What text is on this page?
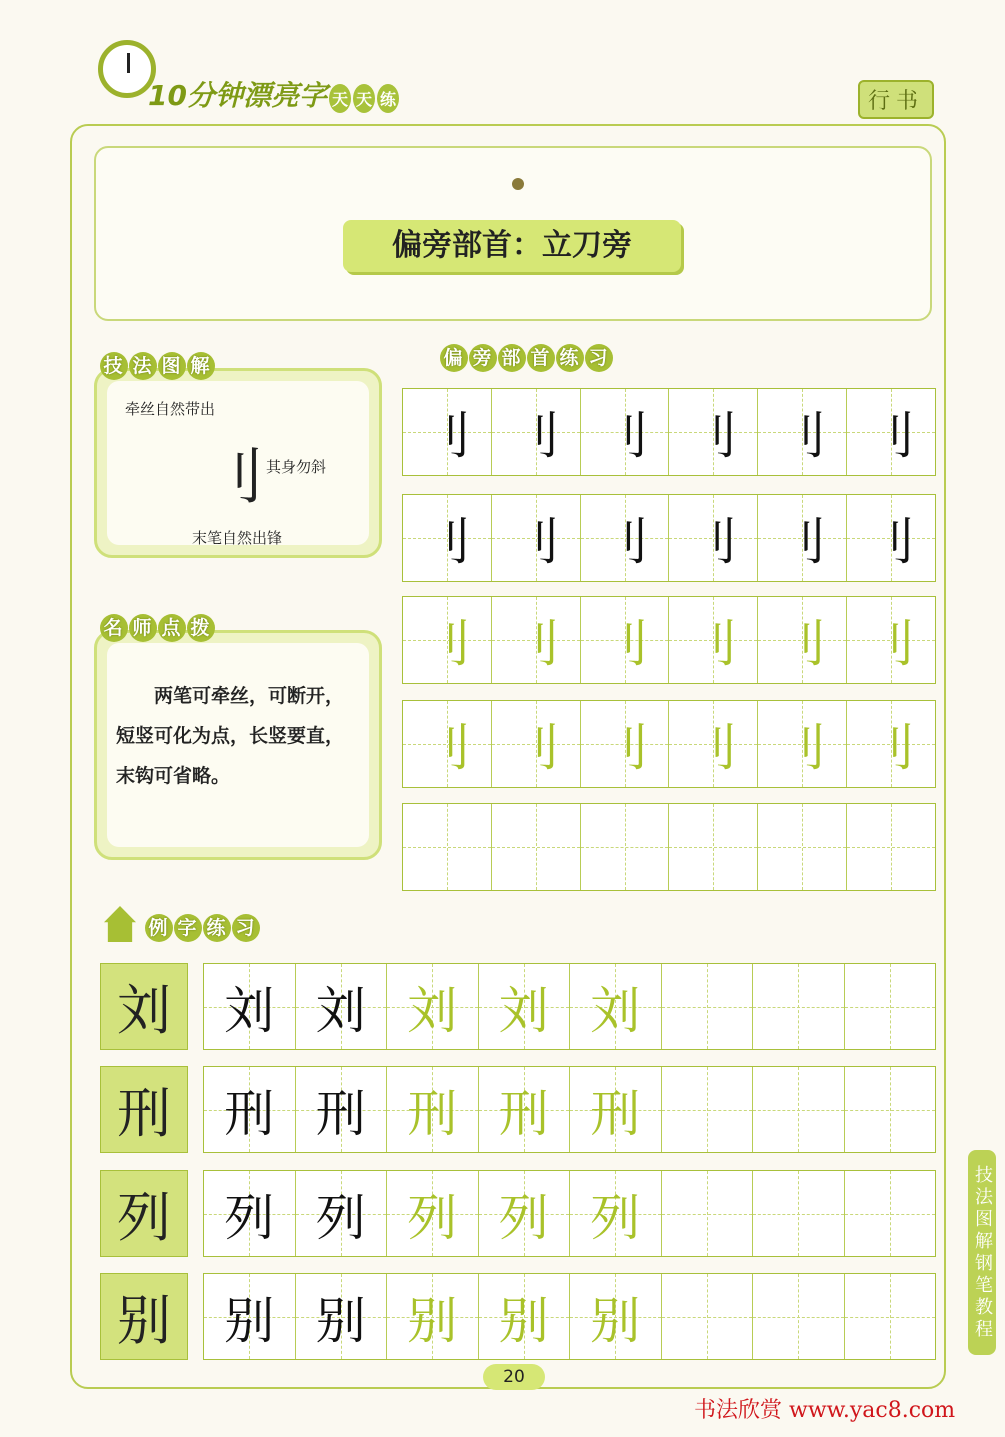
10分钟漂亮字 天 天 练	行书
偏旁部首：立刀旁
技 法 图 解
牵丝自然带出
刂 其身勿斜
末笔自然出锋
名 师 点 拨
两笔可牵丝，可断开，短竖可化为点，长竖要直，末钩可省略。
偏 旁 部 首 练 习
刂 刂 刂 刂 刂 刂
刂 刂 刂 刂 刂 刂
刂 刂 刂 刂 刂 刂
刂 刂 刂 刂 刂 刂
例 字 练 习
刘	刘 刘 刘 刘 刘
刑	刑 刑 刑 刑 刑
列	列 列 列 列 列
别	别 别 别 别 别	技法图解钢笔教程
20
书法欣赏 www.yac8.com
